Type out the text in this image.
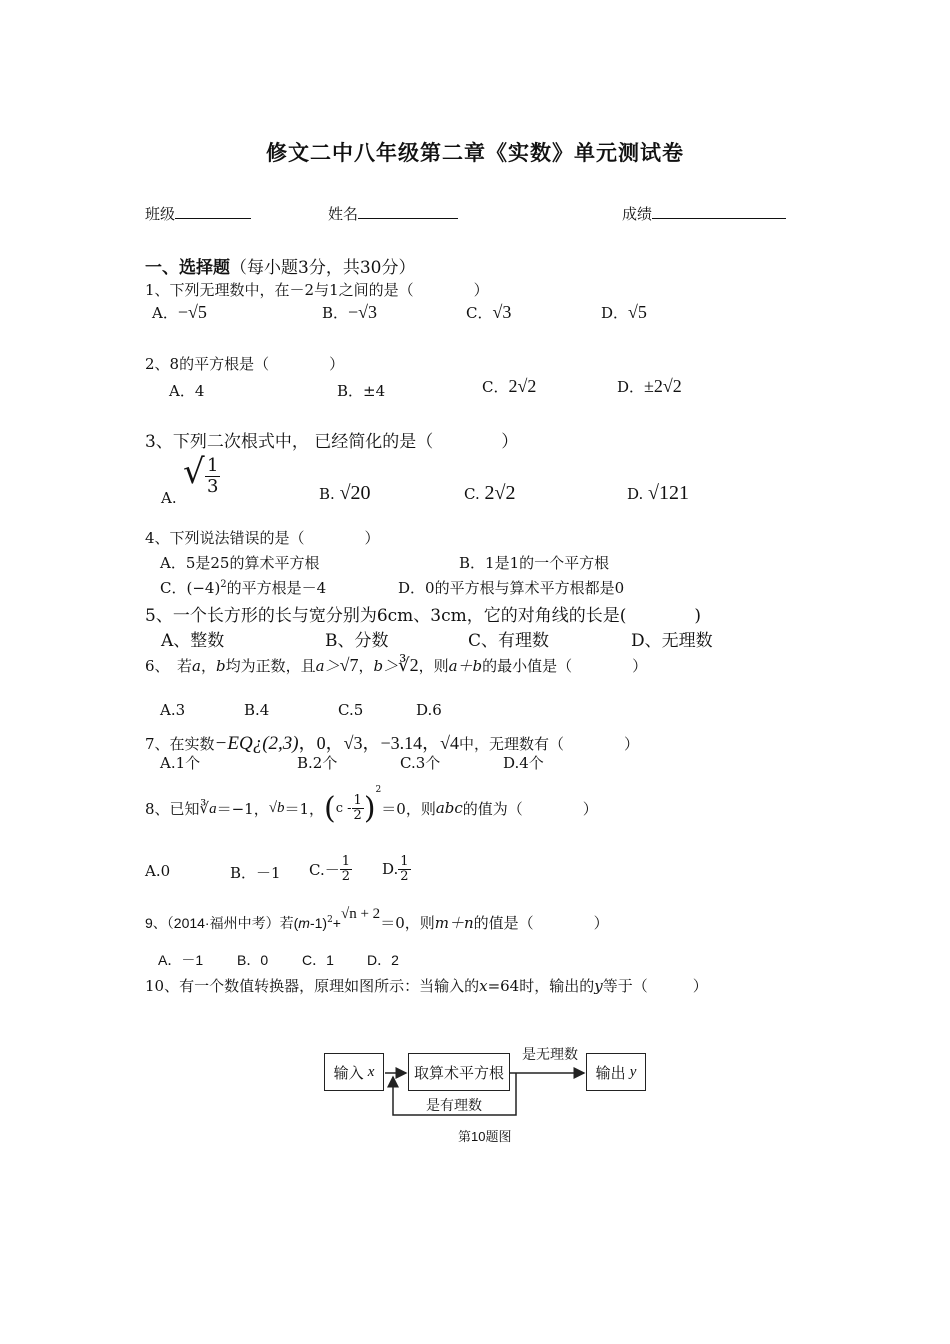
修文二中八年级第二章《实数》单元测试卷
班级	姓名	成绩
一、选择题（每小题3分，共30分）
1、下列无理数中，在－2与1之间的是（　　　　）
A．−√5	B．−√3	C．√3	D．√5
2、8的平方根是（　　　　）
A．4	B．±4	C．2√2	D．±2√2
3、下列二次根式中， 已经简化的是（　　　　）
A.
√ $\frac{1}{3}$	B. √20	C. 2√2	D. √121
4、下列说法错误的是（　　　　）
A．5是25的算术平方根	B．1是1的一个平方根
C．$(-4)^2$的平方根是－4	D．0的平方根与算术平方根都是0
5、一个长方形的长与宽分别为6cm、3cm，它的对角线的长是(　　　　)
A、整数	B、分数	C、有理数	D、无理数
6、　若a，b均为正数，且a＞√7，b＞∛2，则a＋b的最小值是（　　　　）
A.3	B.4	C.5	D.6
7、在实数−EQ¿(2,3)，0，√3，−3.14，√4中，无理数有（　　　　）
A.1个	B.2个	C.3个	D.4个
8、已知 ∛a ＝−1， √b ＝1， ( c - $\frac{1}{2}$ )
$^2$
＝0，则 abc 的值为（　　　　）
A.0	B．－1 $C.- \frac{1}{2} D$. $\frac{1}{2}$
9、（2014·福州中考）若$(m-1)^2+√n + 2=0$，则m＋n的值是（　　　　）
A．－1 B．0 C．1 D．2
10、有一个数值转换器，原理如图所示：当输入的x=64时，输出的y等于（　　　）
输入
x	取算术平方根	输出
y
是无理数
是有理数
第10题图
